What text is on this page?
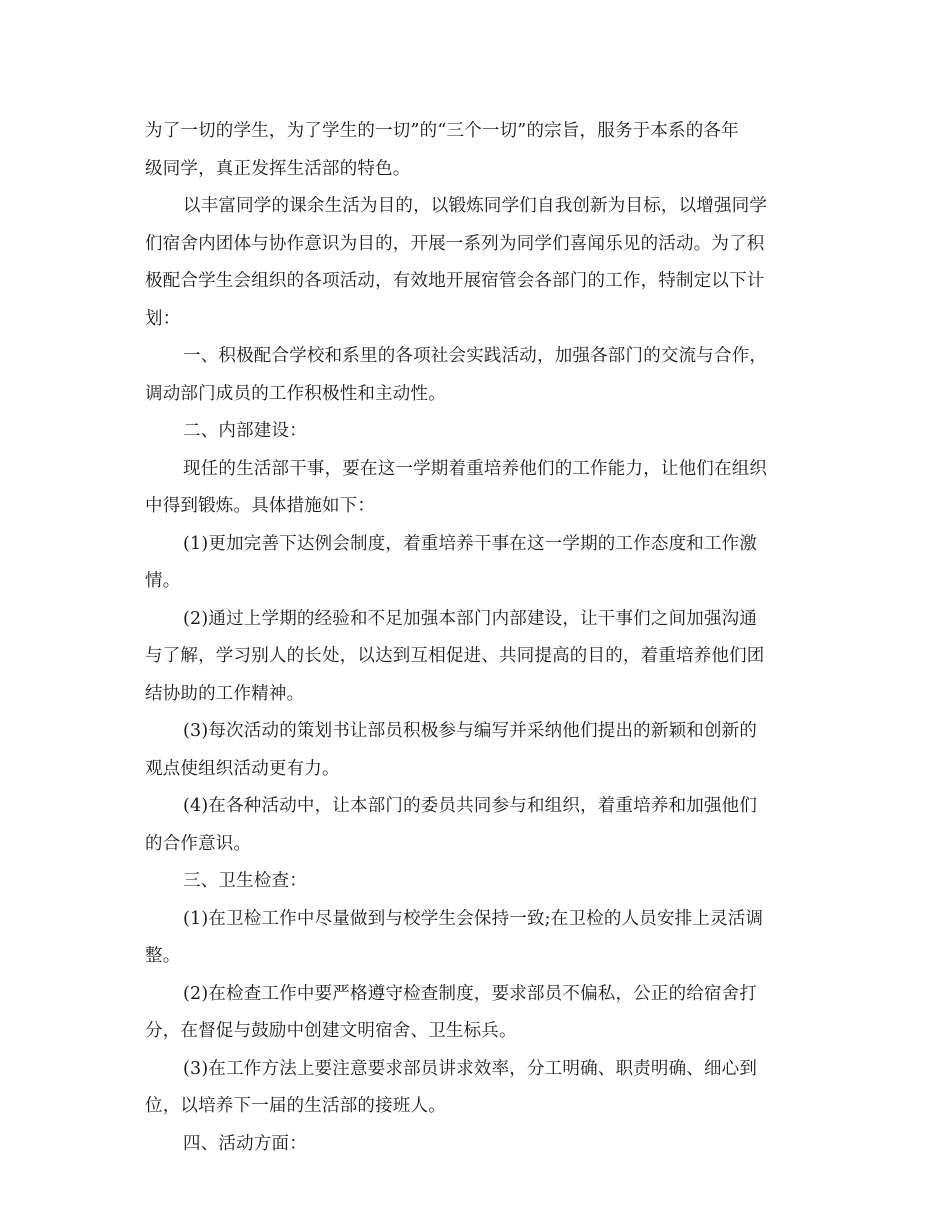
为了一切的学生，为了学生的一切”的“三个一切”的宗旨，服务于本系的各年
级同学，真正发挥生活部的特色。

以丰富同学的课余生活为目的，以锻炼同学们自我创新为目标，以增强同学
们宿舍内团体与协作意识为目的，开展一系列为同学们喜闻乐见的活动。为了积
极配合学生会组织的各项活动，有效地开展宿管会各部门的工作，特制定以下计
划：

一、积极配合学校和系里的各项社会实践活动，加强各部门的交流与合作，
调动部门成员的工作积极性和主动性。

二、内部建设：

现任的生活部干事，要在这一学期着重培养他们的工作能力，让他们在组织
中得到锻炼。具体措施如下：

(1)更加完善下达例会制度，着重培养干事在这一学期的工作态度和工作激
情。

(2)通过上学期的经验和不足加强本部门内部建设，让干事们之间加强沟通
与了解，学习别人的长处，以达到互相促进、共同提高的目的，着重培养他们团
结协助的工作精神。

(3)每次活动的策划书让部员积极参与编写并采纳他们提出的新颖和创新的
观点使组织活动更有力。

(4)在各种活动中，让本部门的委员共同参与和组织，着重培养和加强他们
的合作意识。

三、卫生检查：

(1)在卫检工作中尽量做到与校学生会保持一致;在卫检的人员安排上灵活调
整。

(2)在检查工作中要严格遵守检查制度，要求部员不偏私，公正的给宿舍打
分，在督促与鼓励中创建文明宿舍、卫生标兵。

(3)在工作方法上要注意要求部员讲求效率，分工明确、职责明确、细心到
位，以培养下一届的生活部的接班人。

四、活动方面：
